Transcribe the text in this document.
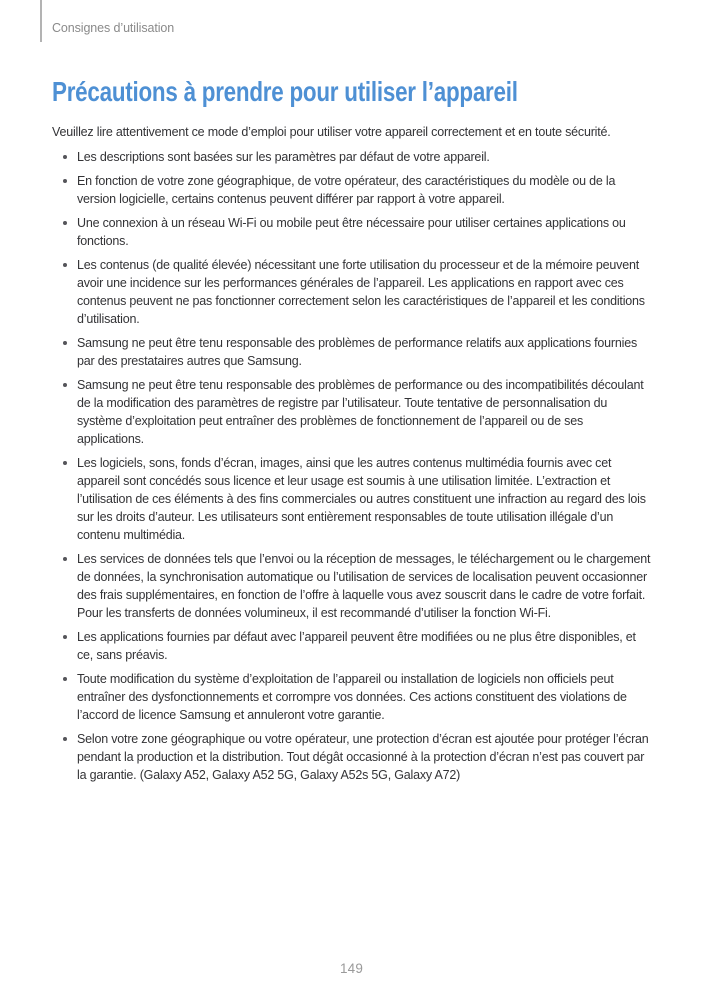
Consignes d’utilisation
Précautions à prendre pour utiliser l’appareil

Veuillez lire attentivement ce mode d’emploi pour utiliser votre appareil correctement et en toute sécurité.

Les descriptions sont basées sur les paramètres par défaut de votre appareil.
En fonction de votre zone géographique, de votre opérateur, des caractéristiques du modèle ou de la version logicielle, certains contenus peuvent différer par rapport à votre appareil.
Une connexion à un réseau Wi-Fi ou mobile peut être nécessaire pour utiliser certaines applications ou fonctions.
Les contenus (de qualité élevée) nécessitant une forte utilisation du processeur et de la mémoire peuvent avoir une incidence sur les performances générales de l’appareil. Les applications en rapport avec ces contenus peuvent ne pas fonctionner correctement selon les caractéristiques de l’appareil et les conditions d’utilisation.
Samsung ne peut être tenu responsable des problèmes de performance relatifs aux applications fournies par des prestataires autres que Samsung.
Samsung ne peut être tenu responsable des problèmes de performance ou des incompatibilités découlant de la modification des paramètres de registre par l’utilisateur. Toute tentative de personnalisation du système d’exploitation peut entraîner des problèmes de fonctionnement de l’appareil ou de ses applications.
Les logiciels, sons, fonds d’écran, images, ainsi que les autres contenus multimédia fournis avec cet appareil sont concédés sous licence et leur usage est soumis à une utilisation limitée. L’extraction et l’utilisation de ces éléments à des fins commerciales ou autres constituent une infraction au regard des lois sur les droits d’auteur. Les utilisateurs sont entièrement responsables de toute utilisation illégale d’un contenu multimédia.
Les services de données tels que l’envoi ou la réception de messages, le téléchargement ou le chargement de données, la synchronisation automatique ou l’utilisation de services de localisation peuvent occasionner des frais supplémentaires, en fonction de l’offre à laquelle vous avez souscrit dans le cadre de votre forfait. Pour les transferts de données volumineux, il est recommandé d’utiliser la fonction Wi-Fi.
Les applications fournies par défaut avec l’appareil peuvent être modifiées ou ne plus être disponibles, et ce, sans préavis.
Toute modification du système d’exploitation de l’appareil ou installation de logiciels non officiels peut entraîner des dysfonctionnements et corrompre vos données. Ces actions constituent des violations de l’accord de licence Samsung et annuleront votre garantie.
Selon votre zone géographique ou votre opérateur, une protection d’écran est ajoutée pour protéger l’écran pendant la production et la distribution. Tout dégât occasionné à la protection d’écran n’est pas couvert par la garantie. (Galaxy A52, Galaxy A52 5G, Galaxy A52s 5G, Galaxy A72)
149
